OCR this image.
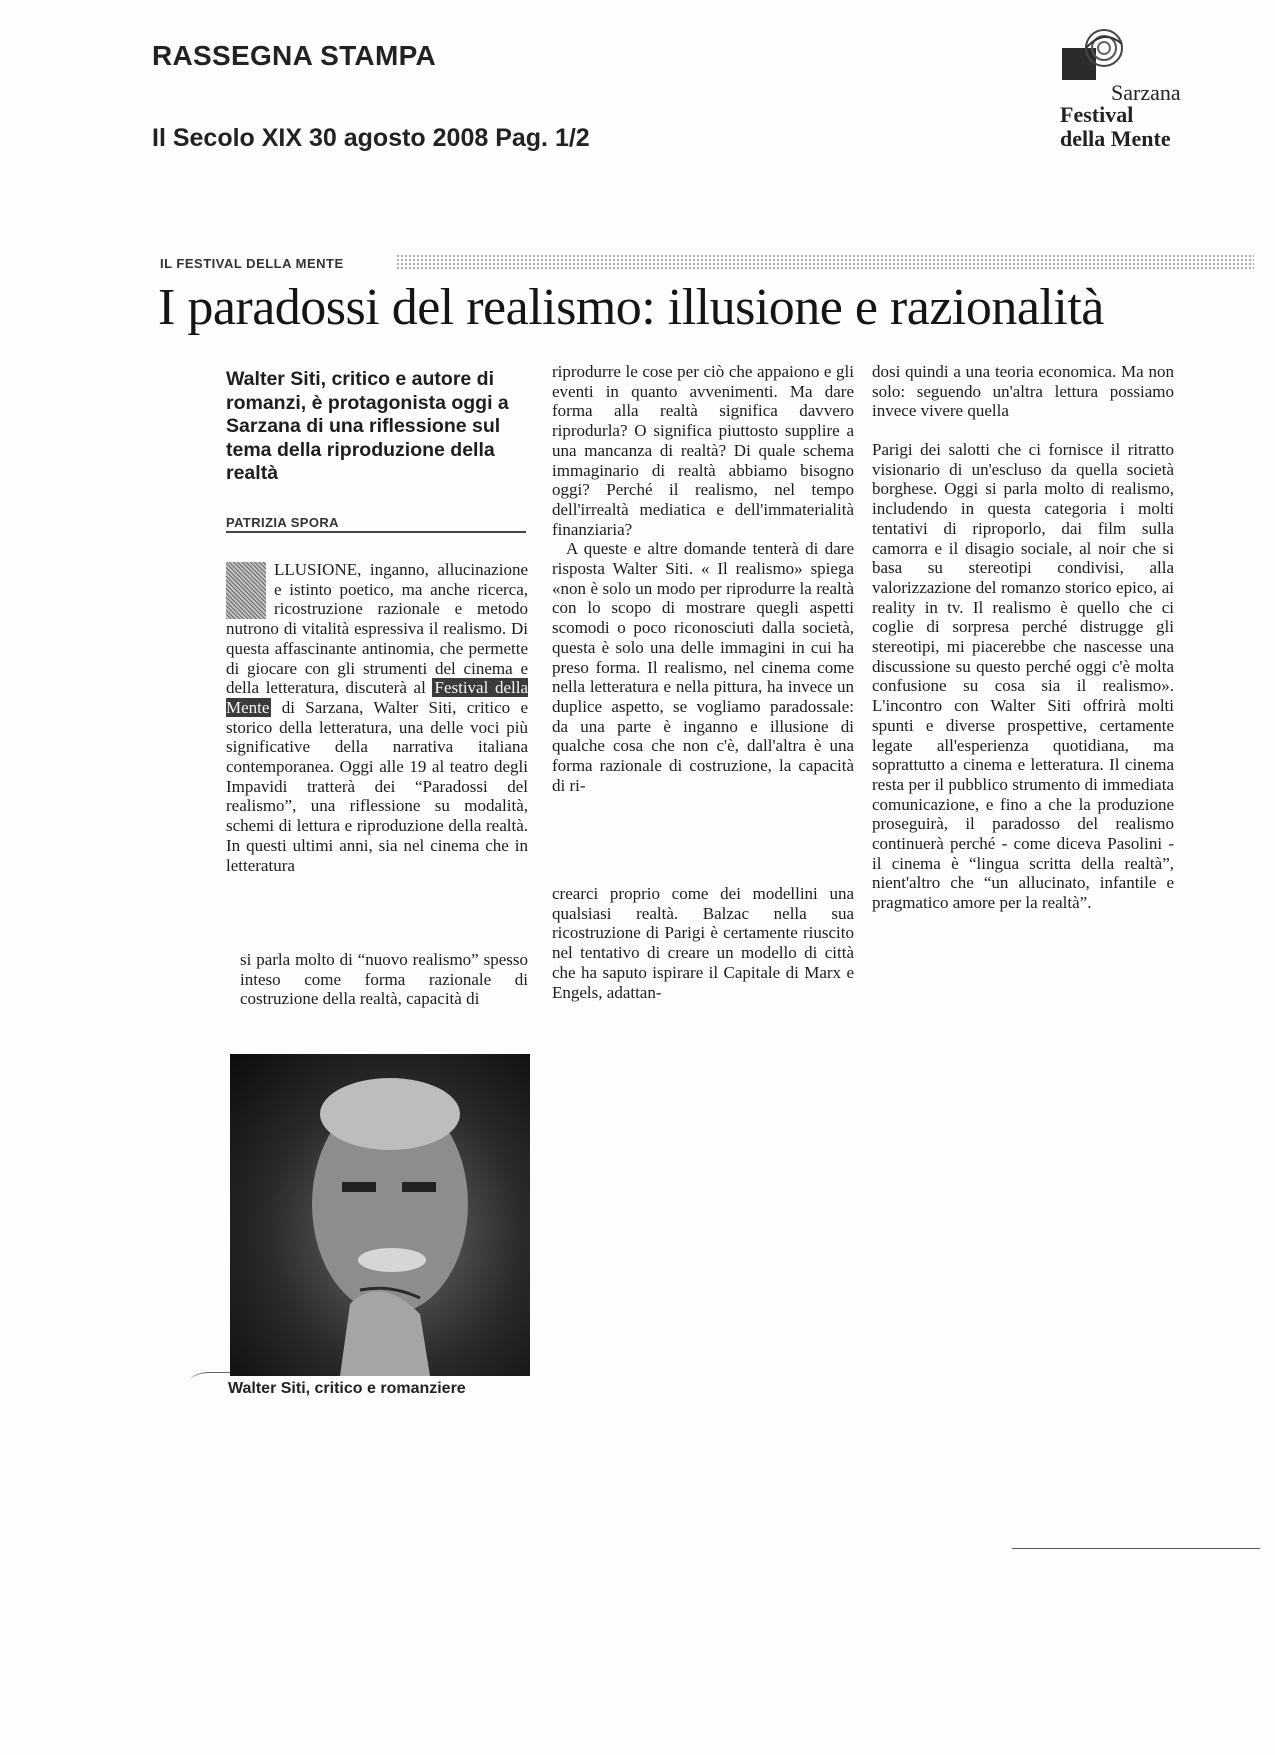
RASSEGNA STAMPA
Il Secolo XIX 30 agosto 2008 Pag. 1/2
Sarzana
Festival
della Mente
IL FESTIVAL DELLA MENTE
I paradossi del realismo: illusione e razionalità
Walter Siti, critico e autore di romanzi, è protagonista oggi a Sarzana di una riflessione sul tema della riproduzione della realtà
PATRIZIA SPORA

LLUSIONE, inganno, allucinazione e istinto poetico, ma anche ricerca, ricostruzione razionale e metodo nutrono di vitalità espressiva il realismo. Di questa affascinante antinomia, che permette di giocare con gli strumenti del cinema e della letteratura, discuterà al Festival della Mente di Sarzana, Walter Siti, critico e storico della letteratura, una delle voci più significative della narrativa italiana contemporanea. Oggi alle 19 al teatro degli Impavidi tratterà dei “Paradossi del realismo”, una riflessione su modalità, schemi di lettura e riproduzione della realtà. In questi ultimi anni, sia nel cinema che in letteratura

si parla molto di “nuovo realismo” spesso inteso come forma razionale di costruzione della realtà, capacità di

riprodurre le cose per ciò che appaiono e gli eventi in quanto avvenimenti. Ma dare forma alla realtà significa davvero riprodurla? O significa piuttosto supplire a una mancanza di realtà? Di quale schema immaginario di realtà abbiamo bisogno oggi? Perché il realismo, nel tempo dell'irrealtà mediatica e dell'immaterialità finanziaria?

A queste e altre domande tenterà di dare risposta Walter Siti. « Il realismo» spiega «non è solo un modo per riprodurre la realtà con lo scopo di mostrare quegli aspetti scomodi o poco riconosciuti dalla società, questa è solo una delle immagini in cui ha preso forma. Il realismo, nel cinema come nella letteratura e nella pittura, ha invece un duplice aspetto, se vogliamo paradossale: da una parte è inganno e illusione di qualche cosa che non c'è, dall'altra è una forma razionale di costruzione, la capacità di ri-

crearci proprio come dei modellini una qualsiasi realtà. Balzac nella sua ricostruzione di Parigi è certamente riuscito nel tentativo di creare un modello di città che ha saputo ispirare il Capitale di Marx e Engels, adattan-

dosi quindi a una teoria economica. Ma non solo: seguendo un'altra lettura possiamo invece vivere quella

Parigi dei salotti che ci fornisce il ritratto visionario di un'escluso da quella società borghese. Oggi si parla molto di realismo, includendo in questa categoria i molti tentativi di riproporlo, dai film sulla camorra e il disagio sociale, al noir che si basa su stereotipi condivisi, alla valorizzazione del romanzo storico epico, ai reality in tv. Il realismo è quello che ci coglie di sorpresa perché distrugge gli stereotipi, mi piacerebbe che nascesse una discussione su questo perché oggi c'è molta confusione su cosa sia il realismo». L'incontro con Walter Siti offrirà molti spunti e diverse prospettive, certamente legate all'esperienza quotidiana, ma soprattutto a cinema e letteratura. Il cinema resta per il pubblico strumento di immediata comunicazione, e fino a che la produzione proseguirà, il paradosso del realismo continuerà perché - come diceva Pasolini - il cinema è “lingua scritta della realtà”, nient'altro che “un allucinato, infantile e pragmatico amore per la realtà”.

Walter Siti, critico e romanziere
